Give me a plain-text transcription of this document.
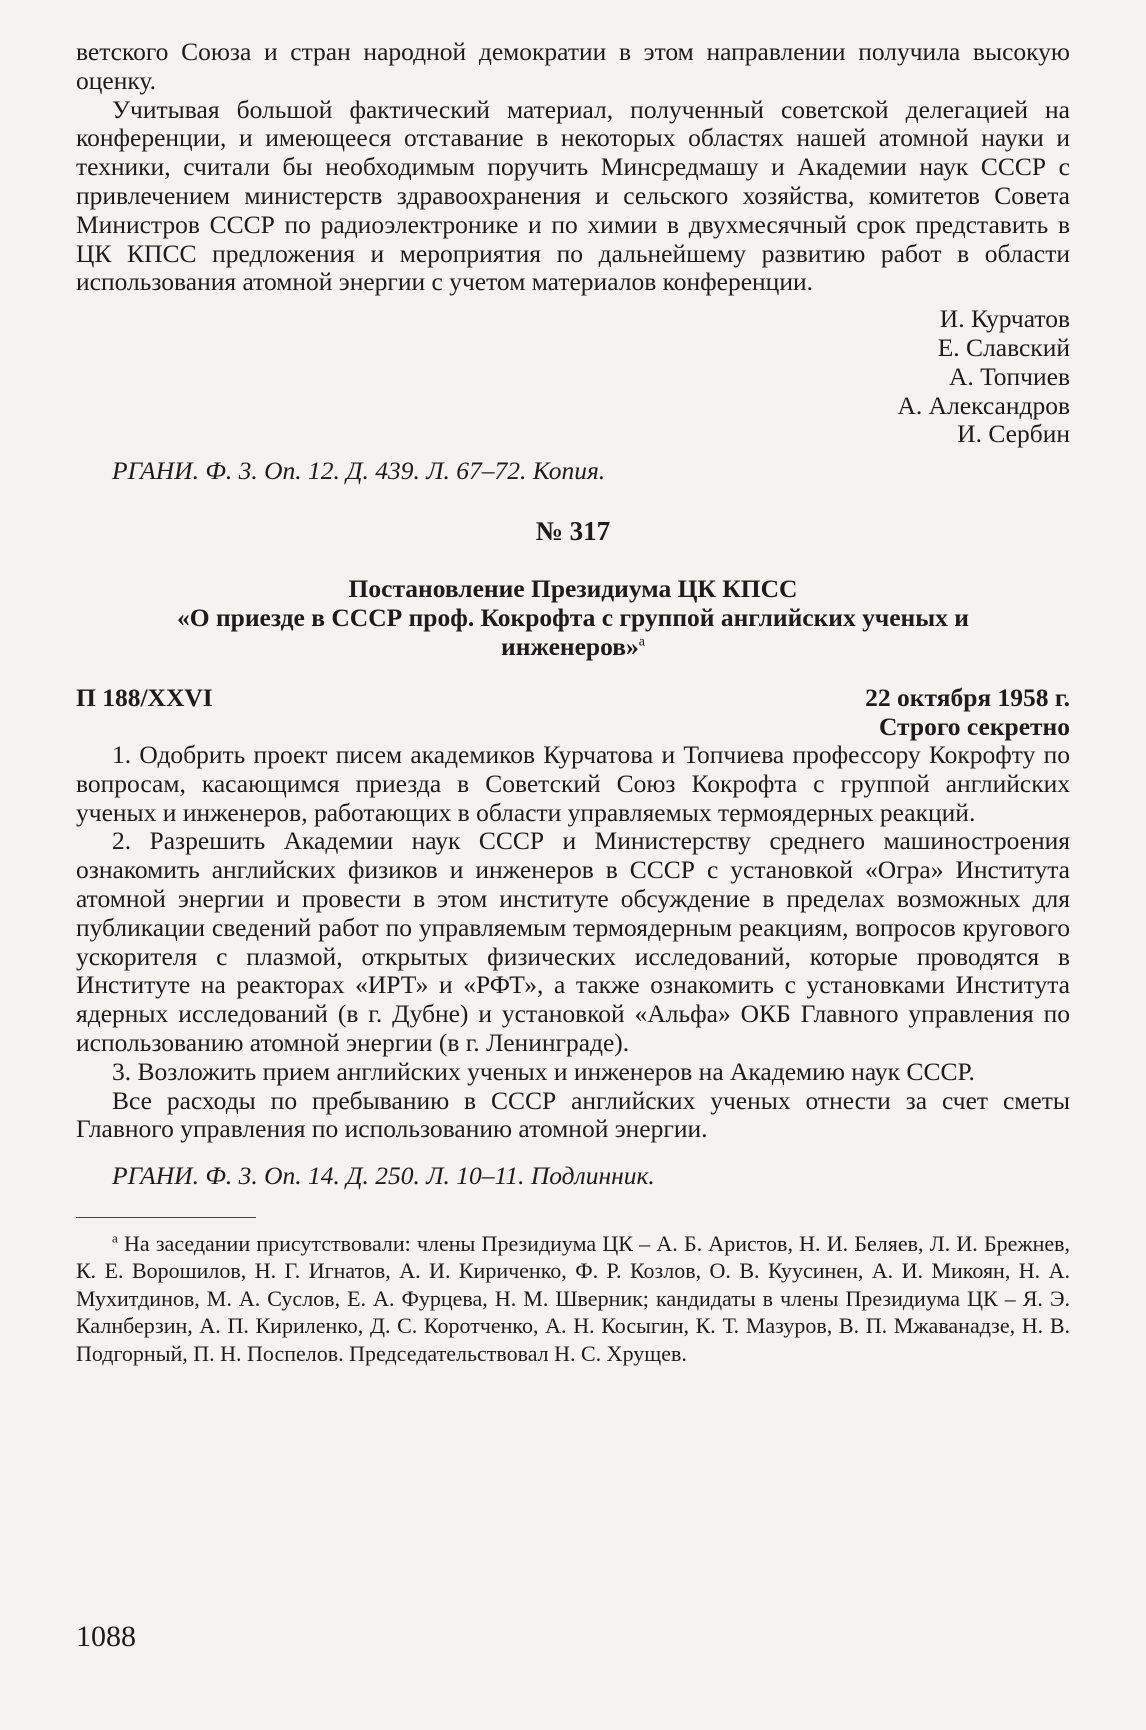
ветского Союза и стран народной демократии в этом направлении получила высокую оценку.

Учитывая большой фактический материал, полученный советской делегацией на конференции, и имеющееся отставание в некоторых областях нашей атомной науки и техники, считали бы необходимым поручить Минсредмашу и Академии наук СССР с привлечением министерств здравоохранения и сельского хозяйства, комитетов Совета Министров СССР по радиоэлектронике и по химии в двухмесячный срок представить в ЦК КПСС предложения и мероприятия по дальнейшему развитию работ в области использования атомной энергии с учетом материалов конференции.

И. Курчатов
Е. Славский
А. Топчиев
А. Александров
И. Сербин

РГАНИ. Ф. 3. Оп. 12. Д. 439. Л. 67–72. Копия.

№ 317
Постановление Президиума ЦК КПСС
«О приезде в СССР проф. Кокрофта с группой английских ученых и инженеров»$^а$
П 188/XXVI	22 октября 1958 г.
Строго секретно

1. Одобрить проект писем академиков Курчатова и Топчиева профессору Кокрофту по вопросам, касающимся приезда в Советский Союз Кокрофта с группой английских ученых и инженеров, работающих в области управляемых термоядерных реакций.

2. Разрешить Академии наук СССР и Министерству среднего машиностроения ознакомить английских физиков и инженеров в СССР с установкой «Огра» Института атомной энергии и провести в этом институте обсуждение в пределах возможных для публикации сведений работ по управляемым термоядерным реакциям, вопросов кругового ускорителя с плазмой, открытых физических исследований, которые проводятся в Институте на реакторах «ИРТ» и «РФТ», а также ознакомить с установками Института ядерных исследований (в г. Дубне) и установкой «Альфа» ОКБ Главного управления по использованию атомной энергии (в г. Ленинграде).

3. Возложить прием английских ученых и инженеров на Академию наук СССР.

Все расходы по пребыванию в СССР английских ученых отнести за счет сметы Главного управления по использованию атомной энергии.

РГАНИ. Ф. 3. Оп. 14. Д. 250. Л. 10–11. Подлинник.

$^а$ На заседании присутствовали: члены Президиума ЦК – А. Б. Аристов, Н. И. Беляев, Л. И. Брежнев, К. Е. Ворошилов, Н. Г. Игнатов, А. И. Кириченко, Ф. Р. Козлов, О. В. Куусинен, А. И. Микоян, Н. А. Мухитдинов, М. А. Суслов, Е. А. Фурцева, Н. М. Шверник; кандидаты в члены Президиума ЦК – Я. Э. Калнберзин, А. П. Кириленко, Д. С. Коротченко, А. Н. Косыгин, К. Т. Мазуров, В. П. Мжаванадзе, Н. В. Подгорный, П. Н. Поспелов. Председательствовал Н. С. Хрущев.

1088
